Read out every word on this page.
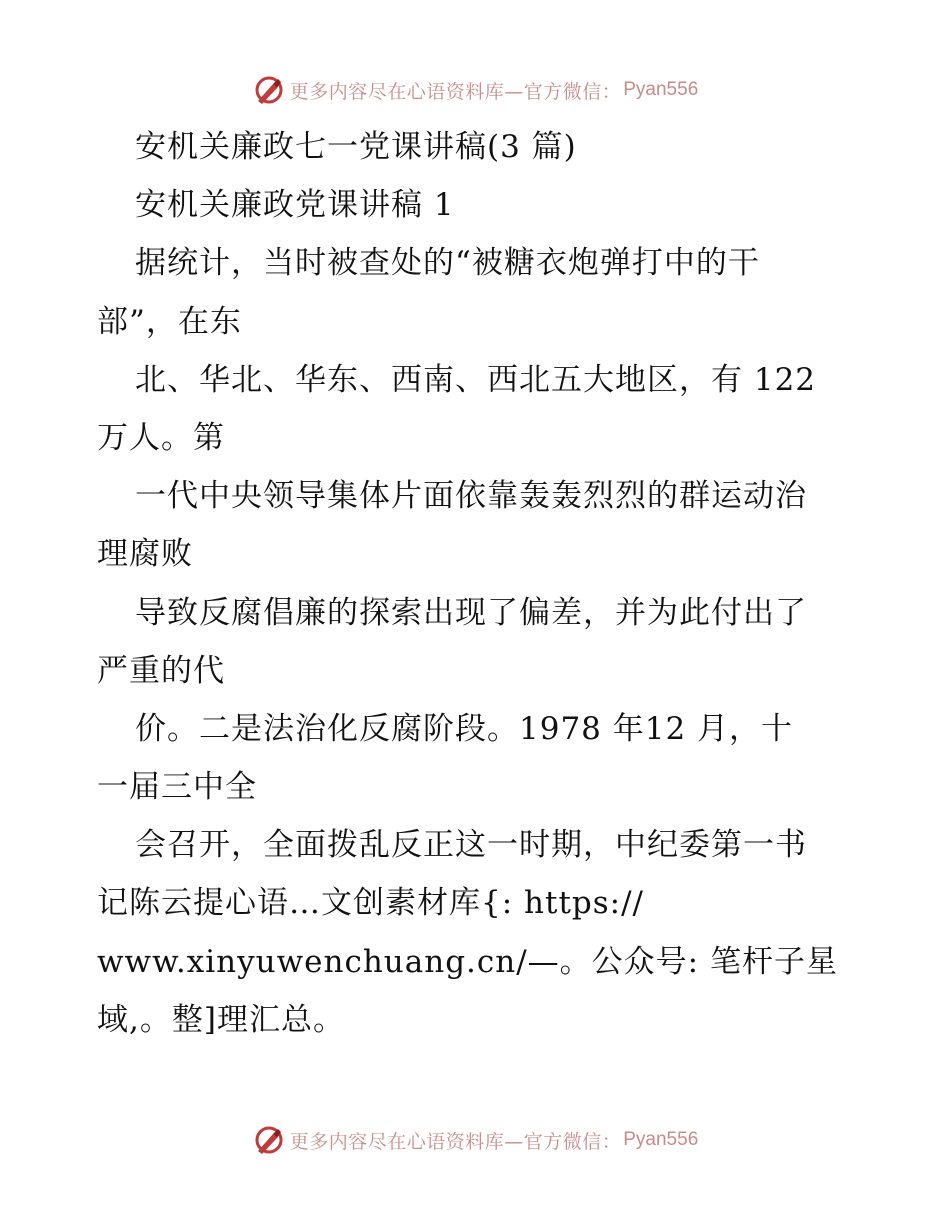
更多内容尽在心语资料库—官方微信： Pyan556
安机关廉政七一党课讲稿(3 篇)
安机关廉政党课讲稿 1
据统计，当时被查处的“被糖衣炮弹打中的干
部”，在东
北、华北、华东、西南、西北五大地区，有 122
万人。第
一代中央领导集体片面依靠轰轰烈烈的群运动治
理腐败
导致反腐倡廉的探索出现了偏差，并为此付出了
严重的代
价。二是法治化反腐阶段。1978 年12 月，十
一届三中全
会召开，全面拨乱反正这一时期，中纪委第一书
记陈云提心语…文创素材库{: https://
www.xinyuwenchuang.cn/—。公众号: 笔杆子星
域,。整]理汇总。
更多内容尽在心语资料库—官方微信： Pyan556
